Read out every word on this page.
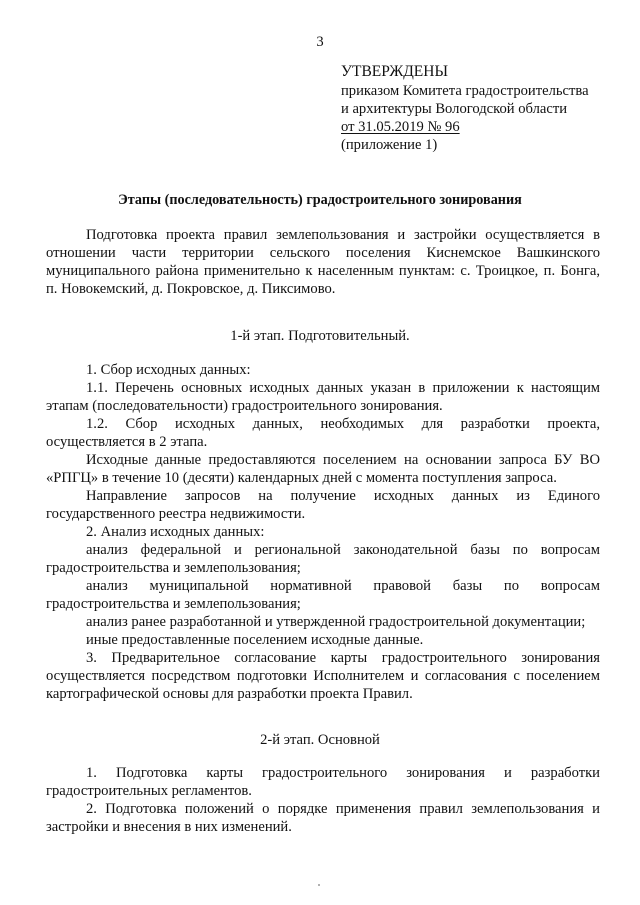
3
УТВЕРЖДЕНЫ
приказом Комитета градостроительства
и архитектуры Вологодской области
от 31.05.2019 № 96
(приложение 1)
Этапы (последовательность) градостроительного зонирования

Подготовка проекта правил землепользования и застройки осуществляется в отношении части территории сельского поселения Киснемское Вашкинского муниципального района применительно к населенным пунктам: с. Троицкое, п. Бонга, п. Новокемский, д. Покровское, д. Пиксимово.

1-й этап. Подготовительный.

1. Сбор исходных данных:

1.1. Перечень основных исходных данных указан в приложении к настоящим этапам (последовательности) градостроительного зонирования.

1.2. Сбор исходных данных, необходимых для разработки проекта, осуществляется в 2 этапа.

Исходные данные предоставляются поселением на основании запроса БУ ВО «РПГЦ» в течение 10 (десяти) календарных дней с момента поступления запроса.

Направление запросов на получение исходных данных из Единого государственного реестра недвижимости.

2. Анализ исходных данных:

анализ федеральной и региональной законодательной базы по вопросам градостроительства и землепользования;

анализ муниципальной нормативной правовой базы по вопросам градостроительства и землепользования;

анализ ранее разработанной и утвержденной градостроительной документации;

иные предоставленные поселением исходные данные.

3. Предварительное согласование карты градостроительного зонирования осуществляется посредством подготовки Исполнителем и согласования с поселением картографической основы для разработки проекта Правил.

2-й этап. Основной

1. Подготовка карты градостроительного зонирования и разработки градостроительных регламентов.

2. Подготовка положений о порядке применения правил землепользования и застройки и внесения в них изменений.
